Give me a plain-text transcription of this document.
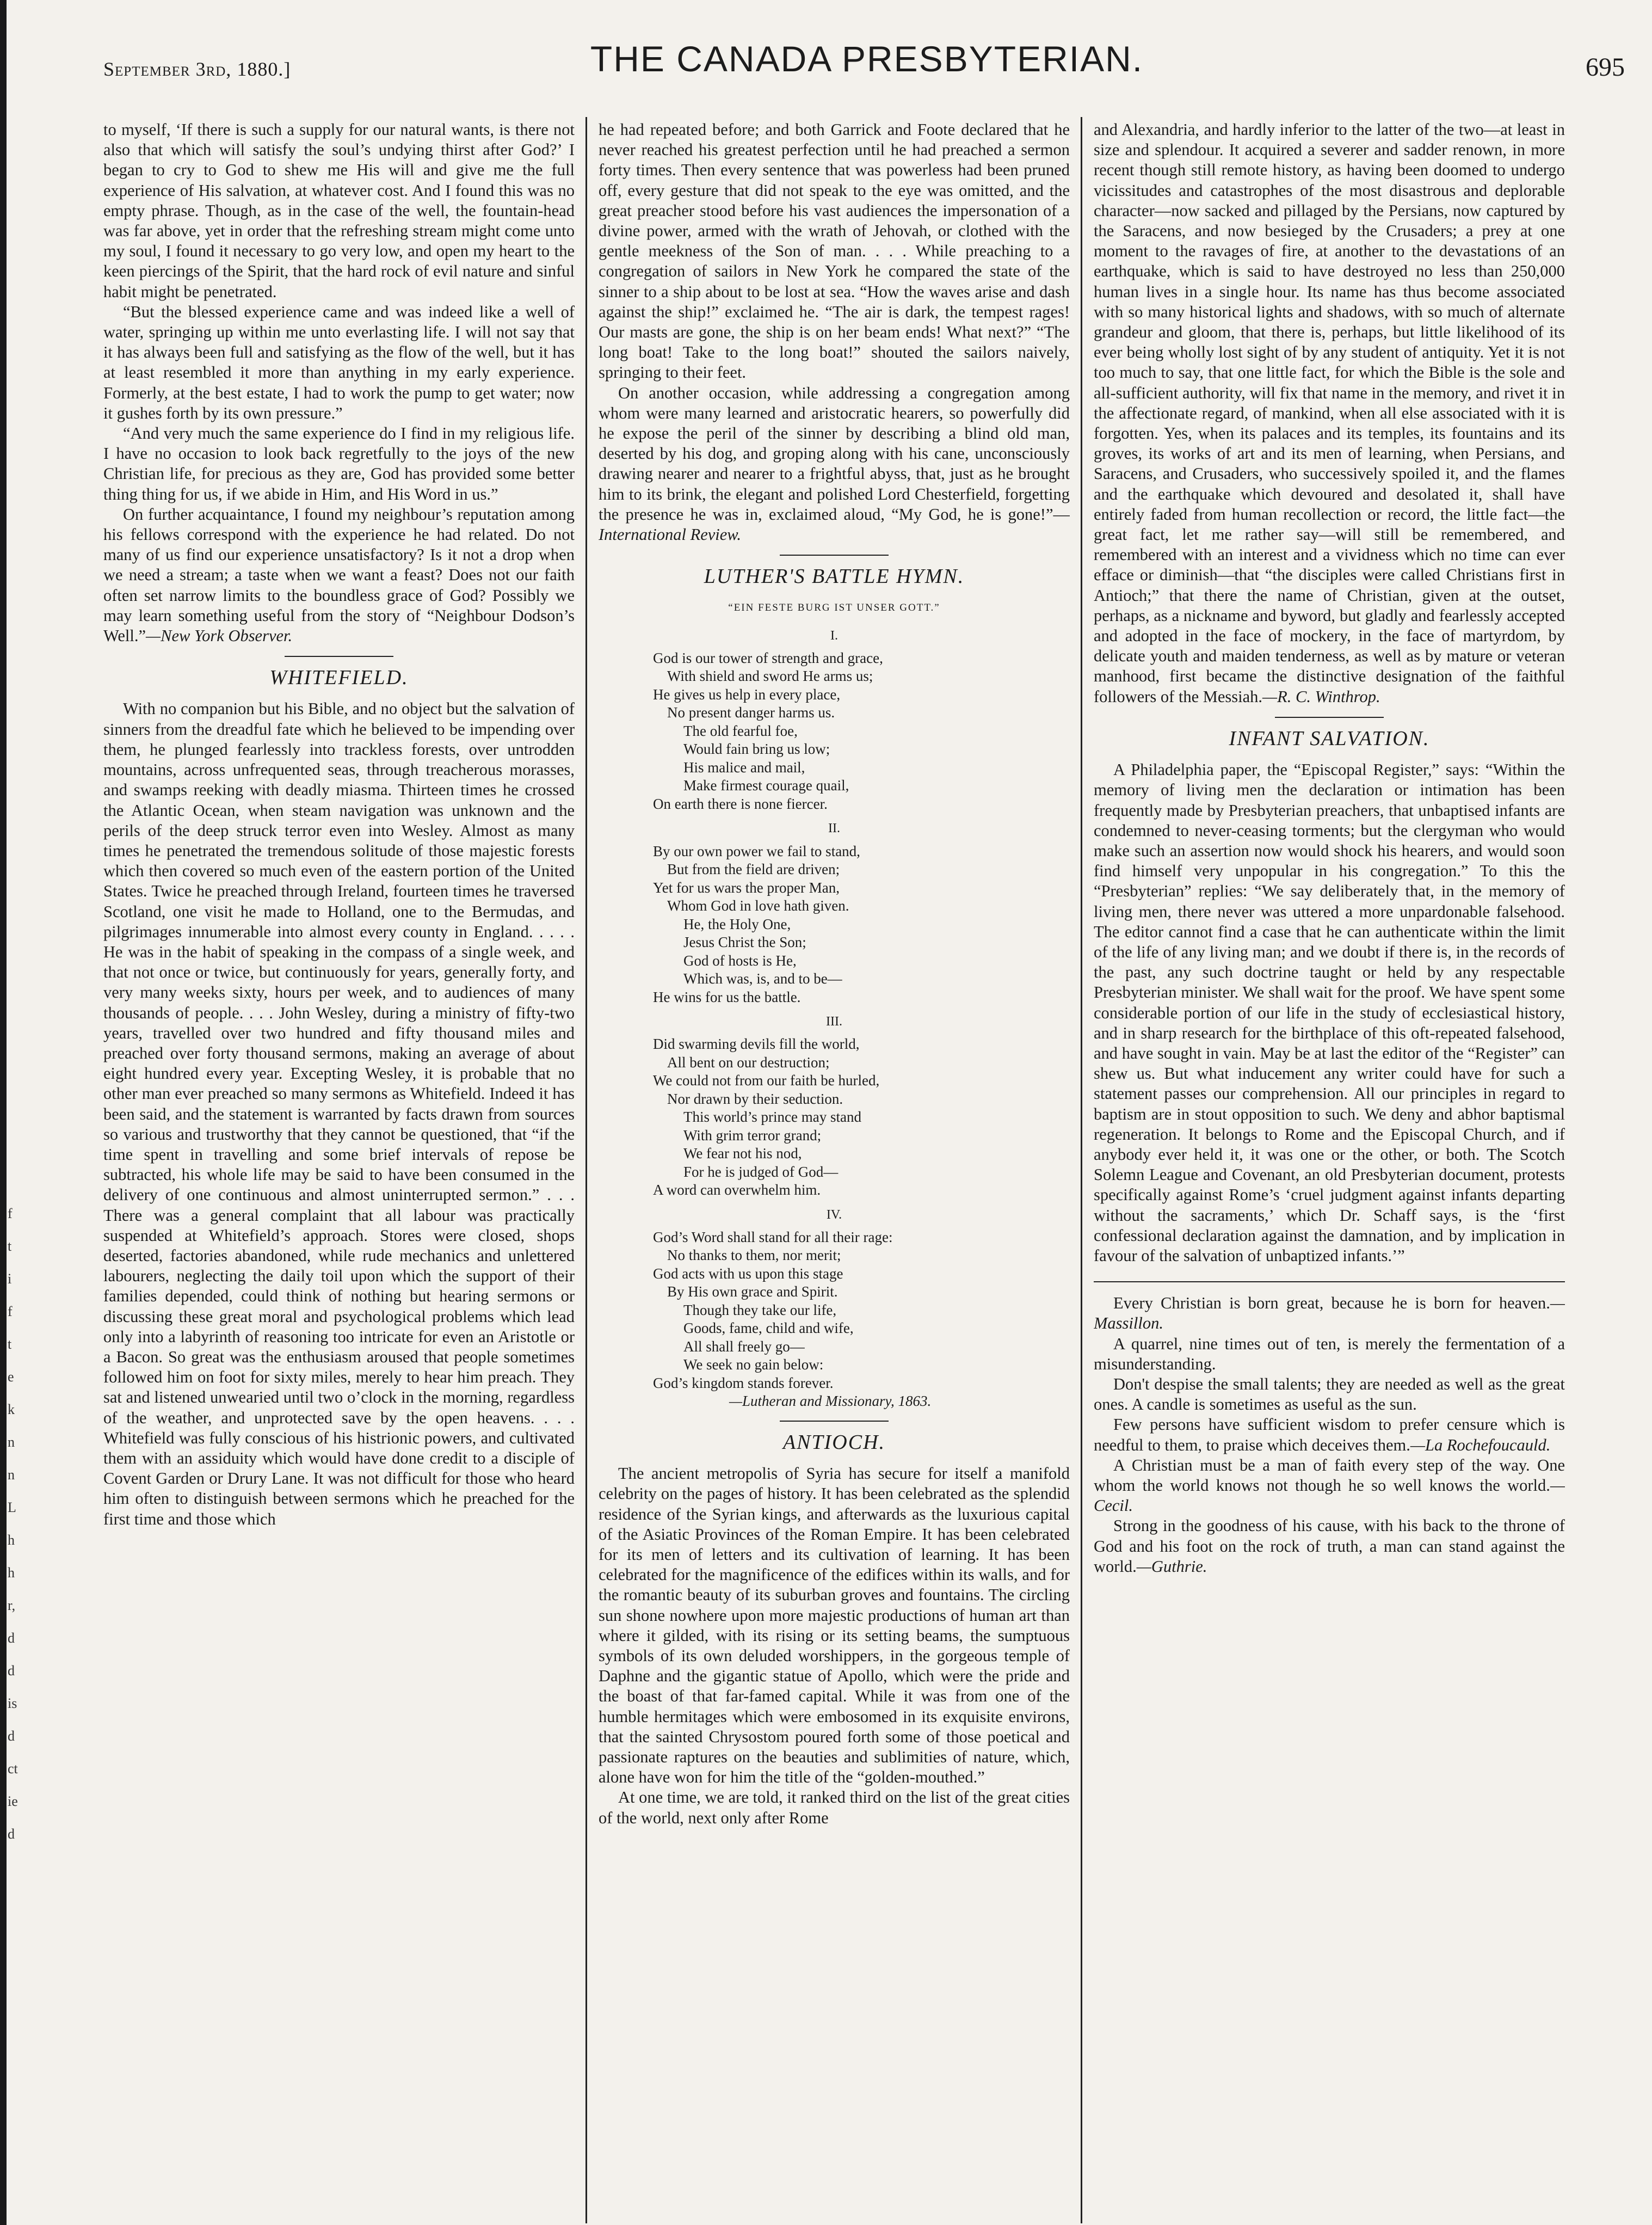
f
t
i
f
t
e
k
n
n
L
h
h
r,
d
d
is
d
ct
ie
d
September 3rd, 1880.]	THE CANADA PRESBYTERIAN.	695

to myself, ‘If there is such a supply for our natural wants, is there not also that which will satisfy the soul’s undying thirst after God?’ I began to cry to God to shew me His will and give me the full experience of His salvation, at whatever cost. And I found this was no empty phrase. Though, as in the case of the well, the fountain-head was far above, yet in order that the refreshing stream might come unto my soul, I found it necessary to go very low, and open my heart to the keen piercings of the Spirit, that the hard rock of evil nature and sinful habit might be penetrated.

“But the blessed experience came and was indeed like a well of water, springing up within me unto everlasting life. I will not say that it has always been full and satisfying as the flow of the well, but it has at least resembled it more than anything in my early experience. Formerly, at the best estate, I had to work the pump to get water; now it gushes forth by its own pressure.”

“And very much the same experience do I find in my religious life. I have no occasion to look back regretfully to the joys of the new Christian life, for precious as they are, God has provided some better thing thing for us, if we abide in Him, and His Word in us.”

On further acquaintance, I found my neighbour’s reputation among his fellows correspond with the experience he had related. Do not many of us find our experience unsatisfactory? Is it not a drop when we need a stream; a taste when we want a feast? Does not our faith often set narrow limits to the boundless grace of God? Possibly we may learn something useful from the story of “Neighbour Dodson’s Well.”—New York Observer.

WHITEFIELD.

With no companion but his Bible, and no object but the salvation of sinners from the dreadful fate which he believed to be impending over them, he plunged fearlessly into trackless forests, over untrodden mountains, across unfrequented seas, through treacherous morasses, and swamps reeking with deadly miasma. Thirteen times he crossed the Atlantic Ocean, when steam navigation was unknown and the perils of the deep struck terror even into Wesley. Almost as many times he penetrated the tremendous solitude of those majestic forests which then covered so much even of the eastern portion of the United States. Twice he preached through Ireland, fourteen times he traversed Scotland, one visit he made to Holland, one to the Bermudas, and pilgrimages innumerable into almost every county in England. . . . . He was in the habit of speaking in the compass of a single week, and that not once or twice, but continuously for years, generally forty, and very many weeks sixty, hours per week, and to audiences of many thousands of people. . . . John Wesley, during a ministry of fifty-two years, travelled over two hundred and fifty thousand miles and preached over forty thousand sermons, making an average of about eight hundred every year. Excepting Wesley, it is probable that no other man ever preached so many sermons as Whitefield. Indeed it has been said, and the statement is warranted by facts drawn from sources so various and trustworthy that they cannot be questioned, that “if the time spent in travelling and some brief intervals of repose be subtracted, his whole life may be said to have been consumed in the delivery of one continuous and almost uninterrupted sermon.” . . . There was a general complaint that all labour was practically suspended at Whitefield’s approach. Stores were closed, shops deserted, factories abandoned, while rude mechanics and unlettered labourers, neglecting the daily toil upon which the support of their families depended, could think of nothing but hearing sermons or discussing these great moral and psychological problems which lead only into a labyrinth of reasoning too intricate for even an Aristotle or a Bacon. So great was the enthusiasm aroused that people sometimes followed him on foot for sixty miles, merely to hear him preach. They sat and listened unwearied until two o’clock in the morning, regardless of the weather, and unprotected save by the open heavens. . . . Whitefield was fully conscious of his histrionic powers, and cultivated them with an assiduity which would have done credit to a disciple of Covent Garden or Drury Lane. It was not difficult for those who heard him often to distinguish between sermons which he preached for the first time and those which

he had repeated before; and both Garrick and Foote declared that he never reached his greatest perfection until he had preached a sermon forty times. Then every sentence that was powerless had been pruned off, every gesture that did not speak to the eye was omitted, and the great preacher stood before his vast audiences the impersonation of a divine power, armed with the wrath of Jehovah, or clothed with the gentle meekness of the Son of man. . . . While preaching to a congregation of sailors in New York he compared the state of the sinner to a ship about to be lost at sea. “How the waves arise and dash against the ship!” exclaimed he. “The air is dark, the tempest rages! Our masts are gone, the ship is on her beam ends! What next?” “The long boat! Take to the long boat!” shouted the sailors naively, springing to their feet.

On another occasion, while addressing a congregation among whom were many learned and aristocratic hearers, so powerfully did he expose the peril of the sinner by describing a blind old man, deserted by his dog, and groping along with his cane, unconsciously drawing nearer and nearer to a frightful abyss, that, just as he brought him to its brink, the elegant and polished Lord Chesterfield, forgetting the presence he was in, exclaimed aloud, “My God, he is gone!”—International Review.

LUTHER'S BATTLE HYMN.
“EIN FESTE BURG IST UNSER GOTT.”
I.
God is our tower of strength and grace,
With shield and sword He arms us;
He gives us help in every place,
No present danger harms us.
The old fearful foe,
Would fain bring us low;
His malice and mail,
Make firmest courage quail,
On earth there is none fiercer.
II.
By our own power we fail to stand,
But from the field are driven;
Yet for us wars the proper Man,
Whom God in love hath given.
He, the Holy One,
Jesus Christ the Son;
God of hosts is He,
Which was, is, and to be—
He wins for us the battle.
III.
Did swarming devils fill the world,
All bent on our destruction;
We could not from our faith be hurled,
Nor drawn by their seduction.
This world’s prince may stand
With grim terror grand;
We fear not his nod,
For he is judged of God—
A word can overwhelm him.
IV.
God’s Word shall stand for all their rage:
No thanks to them, nor merit;
God acts with us upon this stage
By His own grace and Spirit.
Though they take our life,
Goods, fame, child and wife,
All shall freely go—
We seek no gain below:
God’s kingdom stands forever.
—Lutheran and Missionary, 1863.
ANTIOCH.

The ancient metropolis of Syria has secure for itself a manifold celebrity on the pages of history. It has been celebrated as the splendid residence of the Syrian kings, and afterwards as the luxurious capital of the Asiatic Provinces of the Roman Empire. It has been celebrated for its men of letters and its cultivation of learning. It has been celebrated for the magnificence of the edifices within its walls, and for the romantic beauty of its suburban groves and fountains. The circling sun shone nowhere upon more majestic productions of human art than where it gilded, with its rising or its setting beams, the sumptuous symbols of its own deluded worshippers, in the gorgeous temple of Daphne and the gigantic statue of Apollo, which were the pride and the boast of that far-famed capital. While it was from one of the humble hermitages which were embosomed in its exquisite environs, that the sainted Chrysostom poured forth some of those poetical and passionate raptures on the beauties and sublimities of nature, which, alone have won for him the title of the “golden-mouthed.”

At one time, we are told, it ranked third on the list of the great cities of the world, next only after Rome

and Alexandria, and hardly inferior to the latter of the two—at least in size and splendour. It acquired a severer and sadder renown, in more recent though still remote history, as having been doomed to undergo vicissitudes and catastrophes of the most disastrous and deplorable character—now sacked and pillaged by the Persians, now captured by the Saracens, and now besieged by the Crusaders; a prey at one moment to the ravages of fire, at another to the devastations of an earthquake, which is said to have destroyed no less than 250,000 human lives in a single hour. Its name has thus become associated with so many historical lights and shadows, with so much of alternate grandeur and gloom, that there is, perhaps, but little likelihood of its ever being wholly lost sight of by any student of antiquity. Yet it is not too much to say, that one little fact, for which the Bible is the sole and all-sufficient authority, will fix that name in the memory, and rivet it in the affectionate regard, of mankind, when all else associated with it is forgotten. Yes, when its palaces and its temples, its fountains and its groves, its works of art and its men of learning, when Persians, and Saracens, and Crusaders, who successively spoiled it, and the flames and the earthquake which devoured and desolated it, shall have entirely faded from human recollection or record, the little fact—the great fact, let me rather say—will still be remembered, and remembered with an interest and a vividness which no time can ever efface or diminish—that “the disciples were called Christians first in Antioch;” that there the name of Christian, given at the outset, perhaps, as a nickname and byword, but gladly and fearlessly accepted and adopted in the face of mockery, in the face of martyrdom, by delicate youth and maiden tenderness, as well as by mature or veteran manhood, first became the distinctive designation of the faithful followers of the Messiah.—R. C. Winthrop.

INFANT SALVATION.

A Philadelphia paper, the “Episcopal Register,” says: “Within the memory of living men the declaration or intimation has been frequently made by Presbyterian preachers, that unbaptised infants are condemned to never-ceasing torments; but the clergyman who would make such an assertion now would shock his hearers, and would soon find himself very unpopular in his congregation.” To this the “Presbyterian” replies: “We say deliberately that, in the memory of living men, there never was uttered a more unpardonable falsehood. The editor cannot find a case that he can authenticate within the limit of the life of any living man; and we doubt if there is, in the records of the past, any such doctrine taught or held by any respectable Presbyterian minister. We shall wait for the proof. We have spent some considerable portion of our life in the study of ecclesiastical history, and in sharp research for the birthplace of this oft-repeated falsehood, and have sought in vain. May be at last the editor of the “Register” can shew us. But what inducement any writer could have for such a statement passes our comprehension. All our principles in regard to baptism are in stout opposition to such. We deny and abhor baptismal regeneration. It belongs to Rome and the Episcopal Church, and if anybody ever held it, it was one or the other, or both. The Scotch Solemn League and Covenant, an old Presbyterian document, protests specifically against Rome’s ‘cruel judgment against infants departing without the sacraments,’ which Dr. Schaff says, is the ‘first confessional declaration against the damnation, and by implication in favour of the salvation of unbaptized infants.’”

Every Christian is born great, because he is born for heaven.—Massillon.

A quarrel, nine times out of ten, is merely the fermentation of a misunderstanding.

Don't despise the small talents; they are needed as well as the great ones. A candle is sometimes as useful as the sun.

Few persons have sufficient wisdom to prefer censure which is needful to them, to praise which deceives them.—La Rochefoucauld.

A Christian must be a man of faith every step of the way. One whom the world knows not though he so well knows the world.—Cecil.

Strong in the goodness of his cause, with his back to the throne of God and his foot on the rock of truth, a man can stand against the world.—Guthrie.
